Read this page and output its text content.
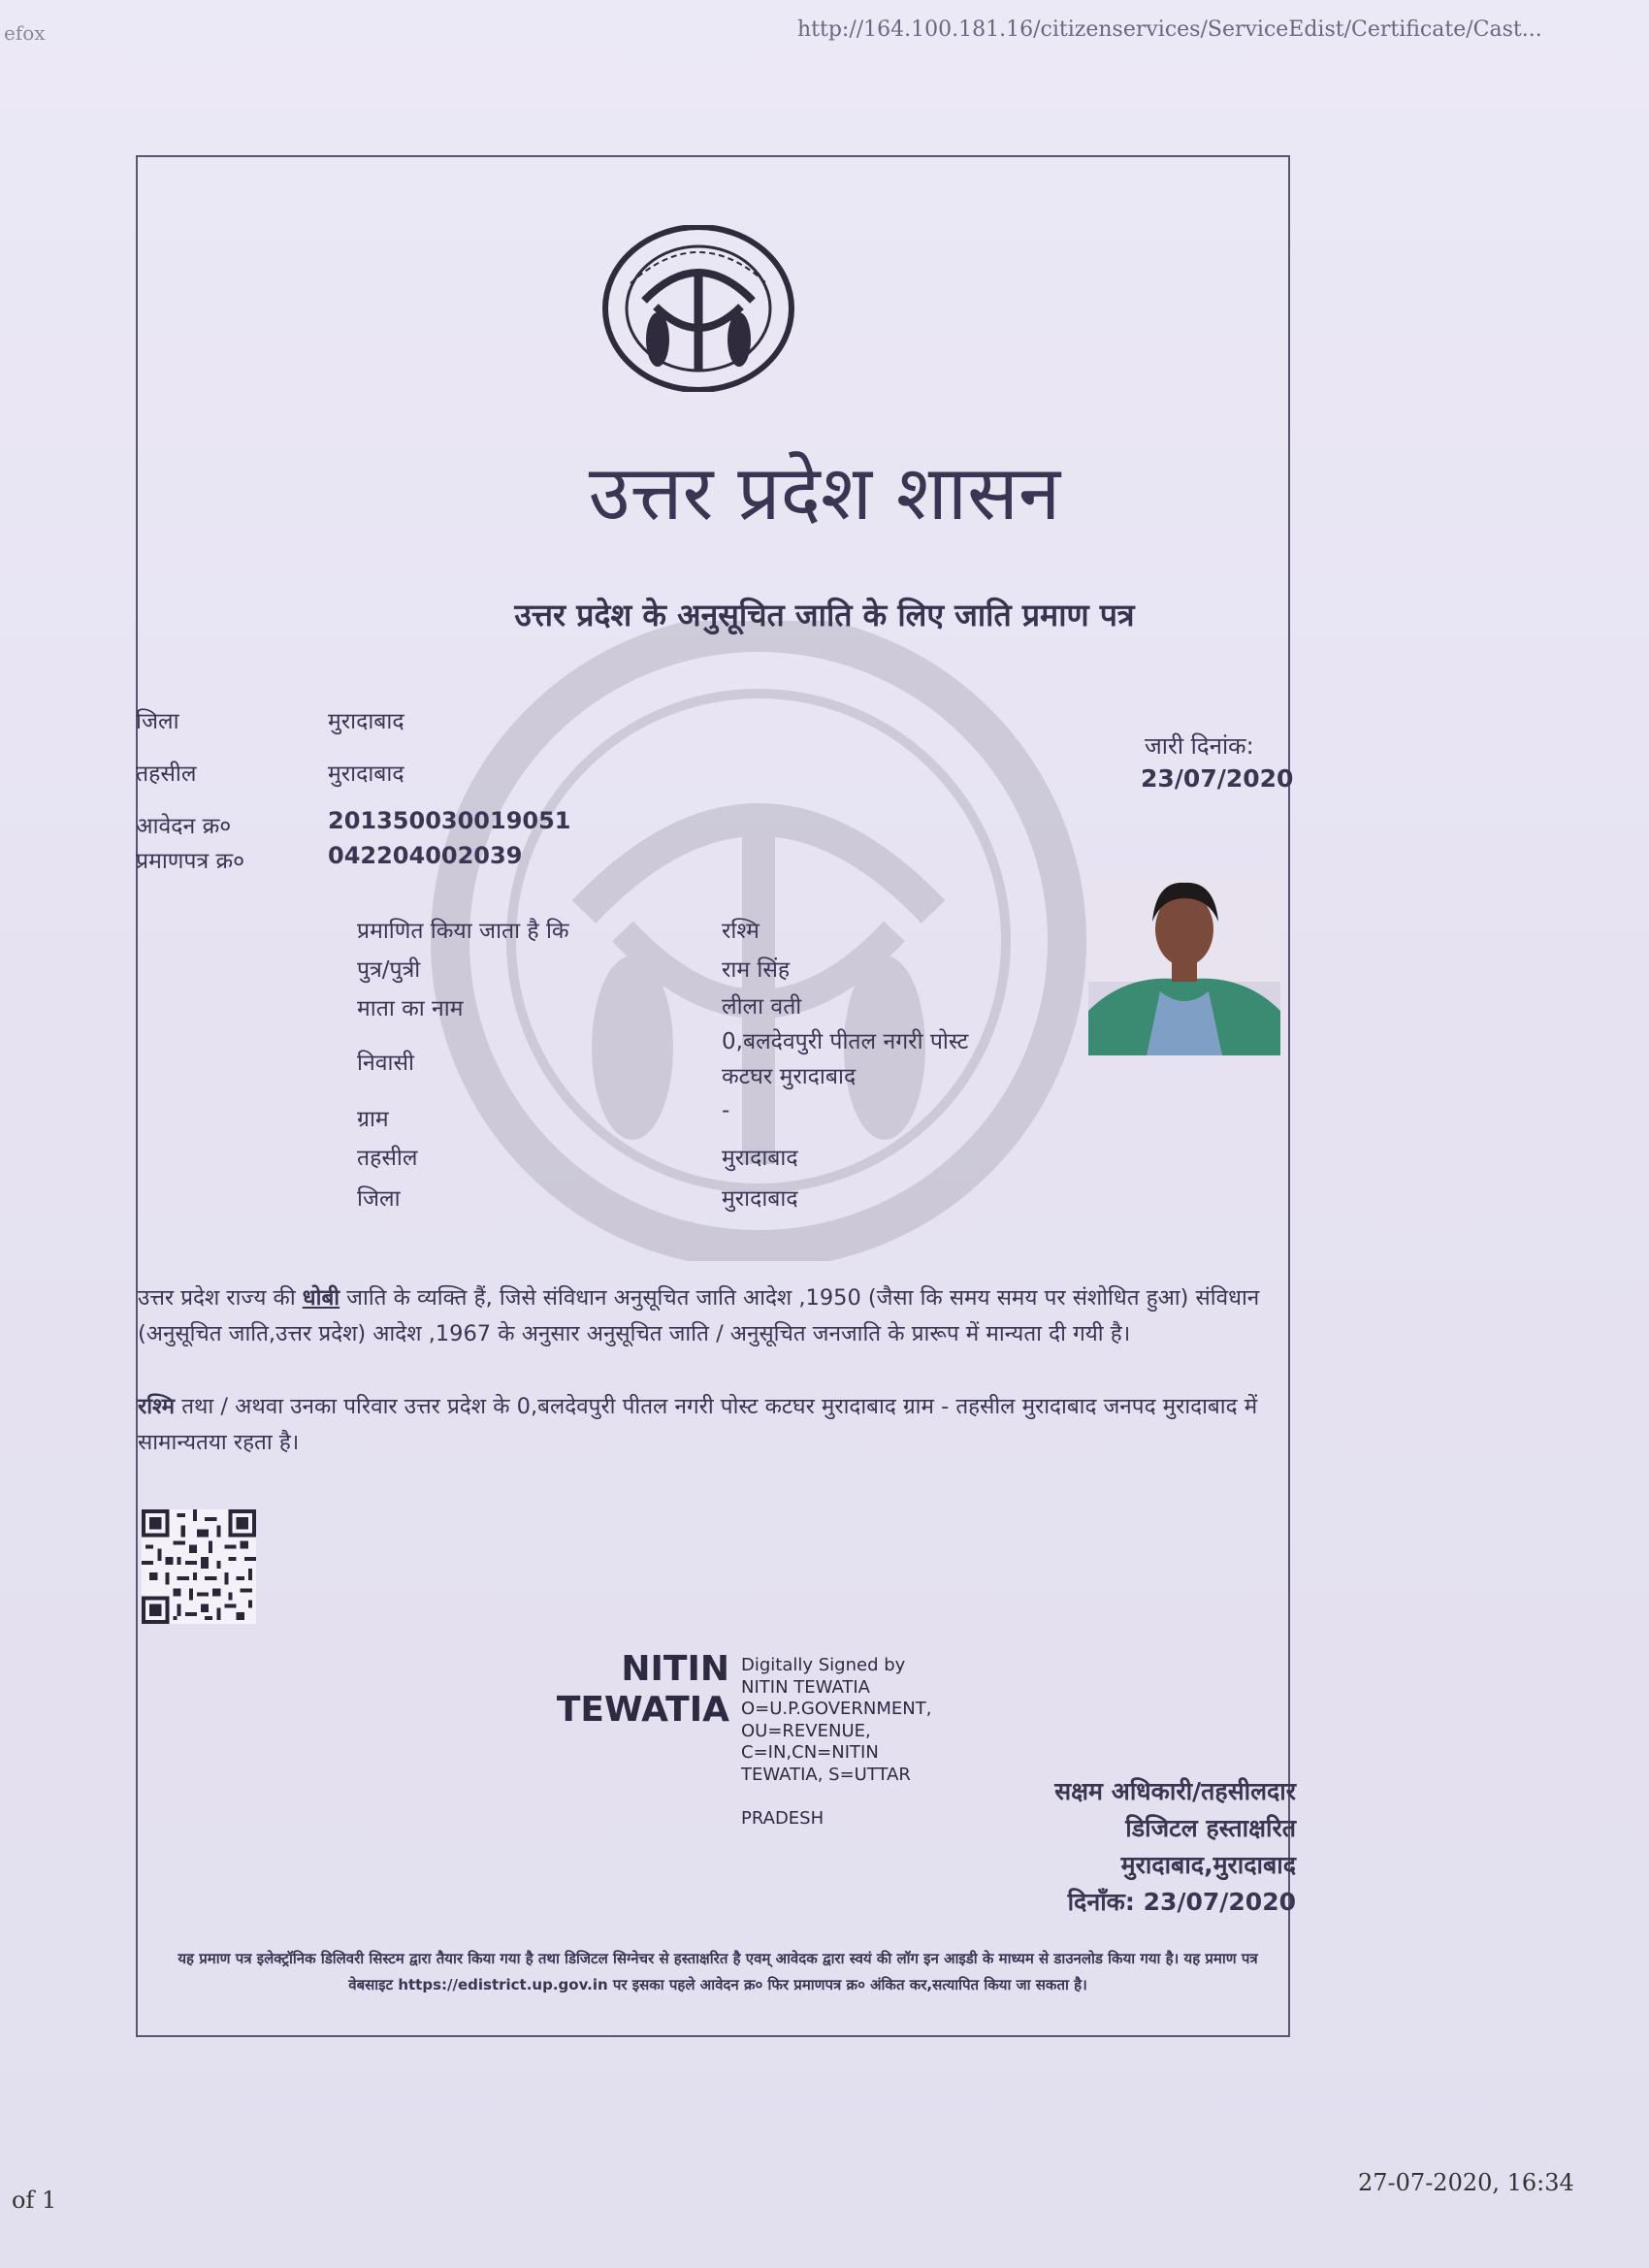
efox	http://164.100.181.16/citizenservices/ServiceEdist/Certificate/Cast...
उत्तर प्रदेश शासन
उत्तर प्रदेश के अनुसूचित जाति के लिए जाति प्रमाण पत्र
जिला	मुरादाबाद
तहसील	मुरादाबाद
आवेदन क्र०	201350030019051
प्रमाणपत्र क्र०	042204002039
जारी दिनांक:
23/07/2020
प्रमाणित किया जाता है कि	रश्मि
पुत्र/पुत्री	राम सिंह
माता का नाम	लीला वती
निवासी
0,बलदेवपुरी पीतल नगरी पोस्ट
कटघर मुरादाबाद
ग्राम	-
तहसील	मुरादाबाद
जिला	मुरादाबाद
उत्तर प्रदेश राज्य की धोबी जाति के व्यक्ति हैं, जिसे संविधान अनुसूचित जाति आदेश ,1950 (जैसा कि समय समय पर संशोधित हुआ) संविधान (अनुसूचित जाति,उत्तर प्रदेश) आदेश ,1967 के अनुसार अनुसूचित जाति / अनुसूचित जनजाति के प्रारूप में मान्यता दी गयी है।
रश्मि तथा / अथवा उनका परिवार उत्तर प्रदेश के 0,बलदेवपुरी पीतल नगरी पोस्ट कटघर मुरादाबाद ग्राम - तहसील मुरादाबाद जनपद मुरादाबाद में सामान्यतया रहता है।
NITIN TEWATIA
Digitally Signed by
NITIN TEWATIA
O=U.P.GOVERNMENT,
OU=REVENUE,
C=IN,CN=NITIN
TEWATIA, S=UTTAR

PRADESH
सक्षम अधिकारी/तहसीलदार
डिजिटल हस्ताक्षरित
मुरादाबाद,मुरादाबाद
दिनाँक: 23/07/2020
यह प्रमाण पत्र इलेक्ट्रॉनिक डिलिवरी सिस्टम द्वारा तैयार किया गया है तथा डिजिटल सिग्नेचर से हस्ताक्षरित है एवम् आवेदक द्वारा स्वयं की लॉग इन आइडी के माध्यम से डाउनलोड किया गया है। यह प्रमाण पत्र वेबसाइट https://edistrict.up.gov.in पर इसका पहले आवेदन क्र० फिर प्रमाणपत्र क्र० अंकित कर,सत्यापित किया जा सकता है।
of 1
27-07-2020, 16:34
